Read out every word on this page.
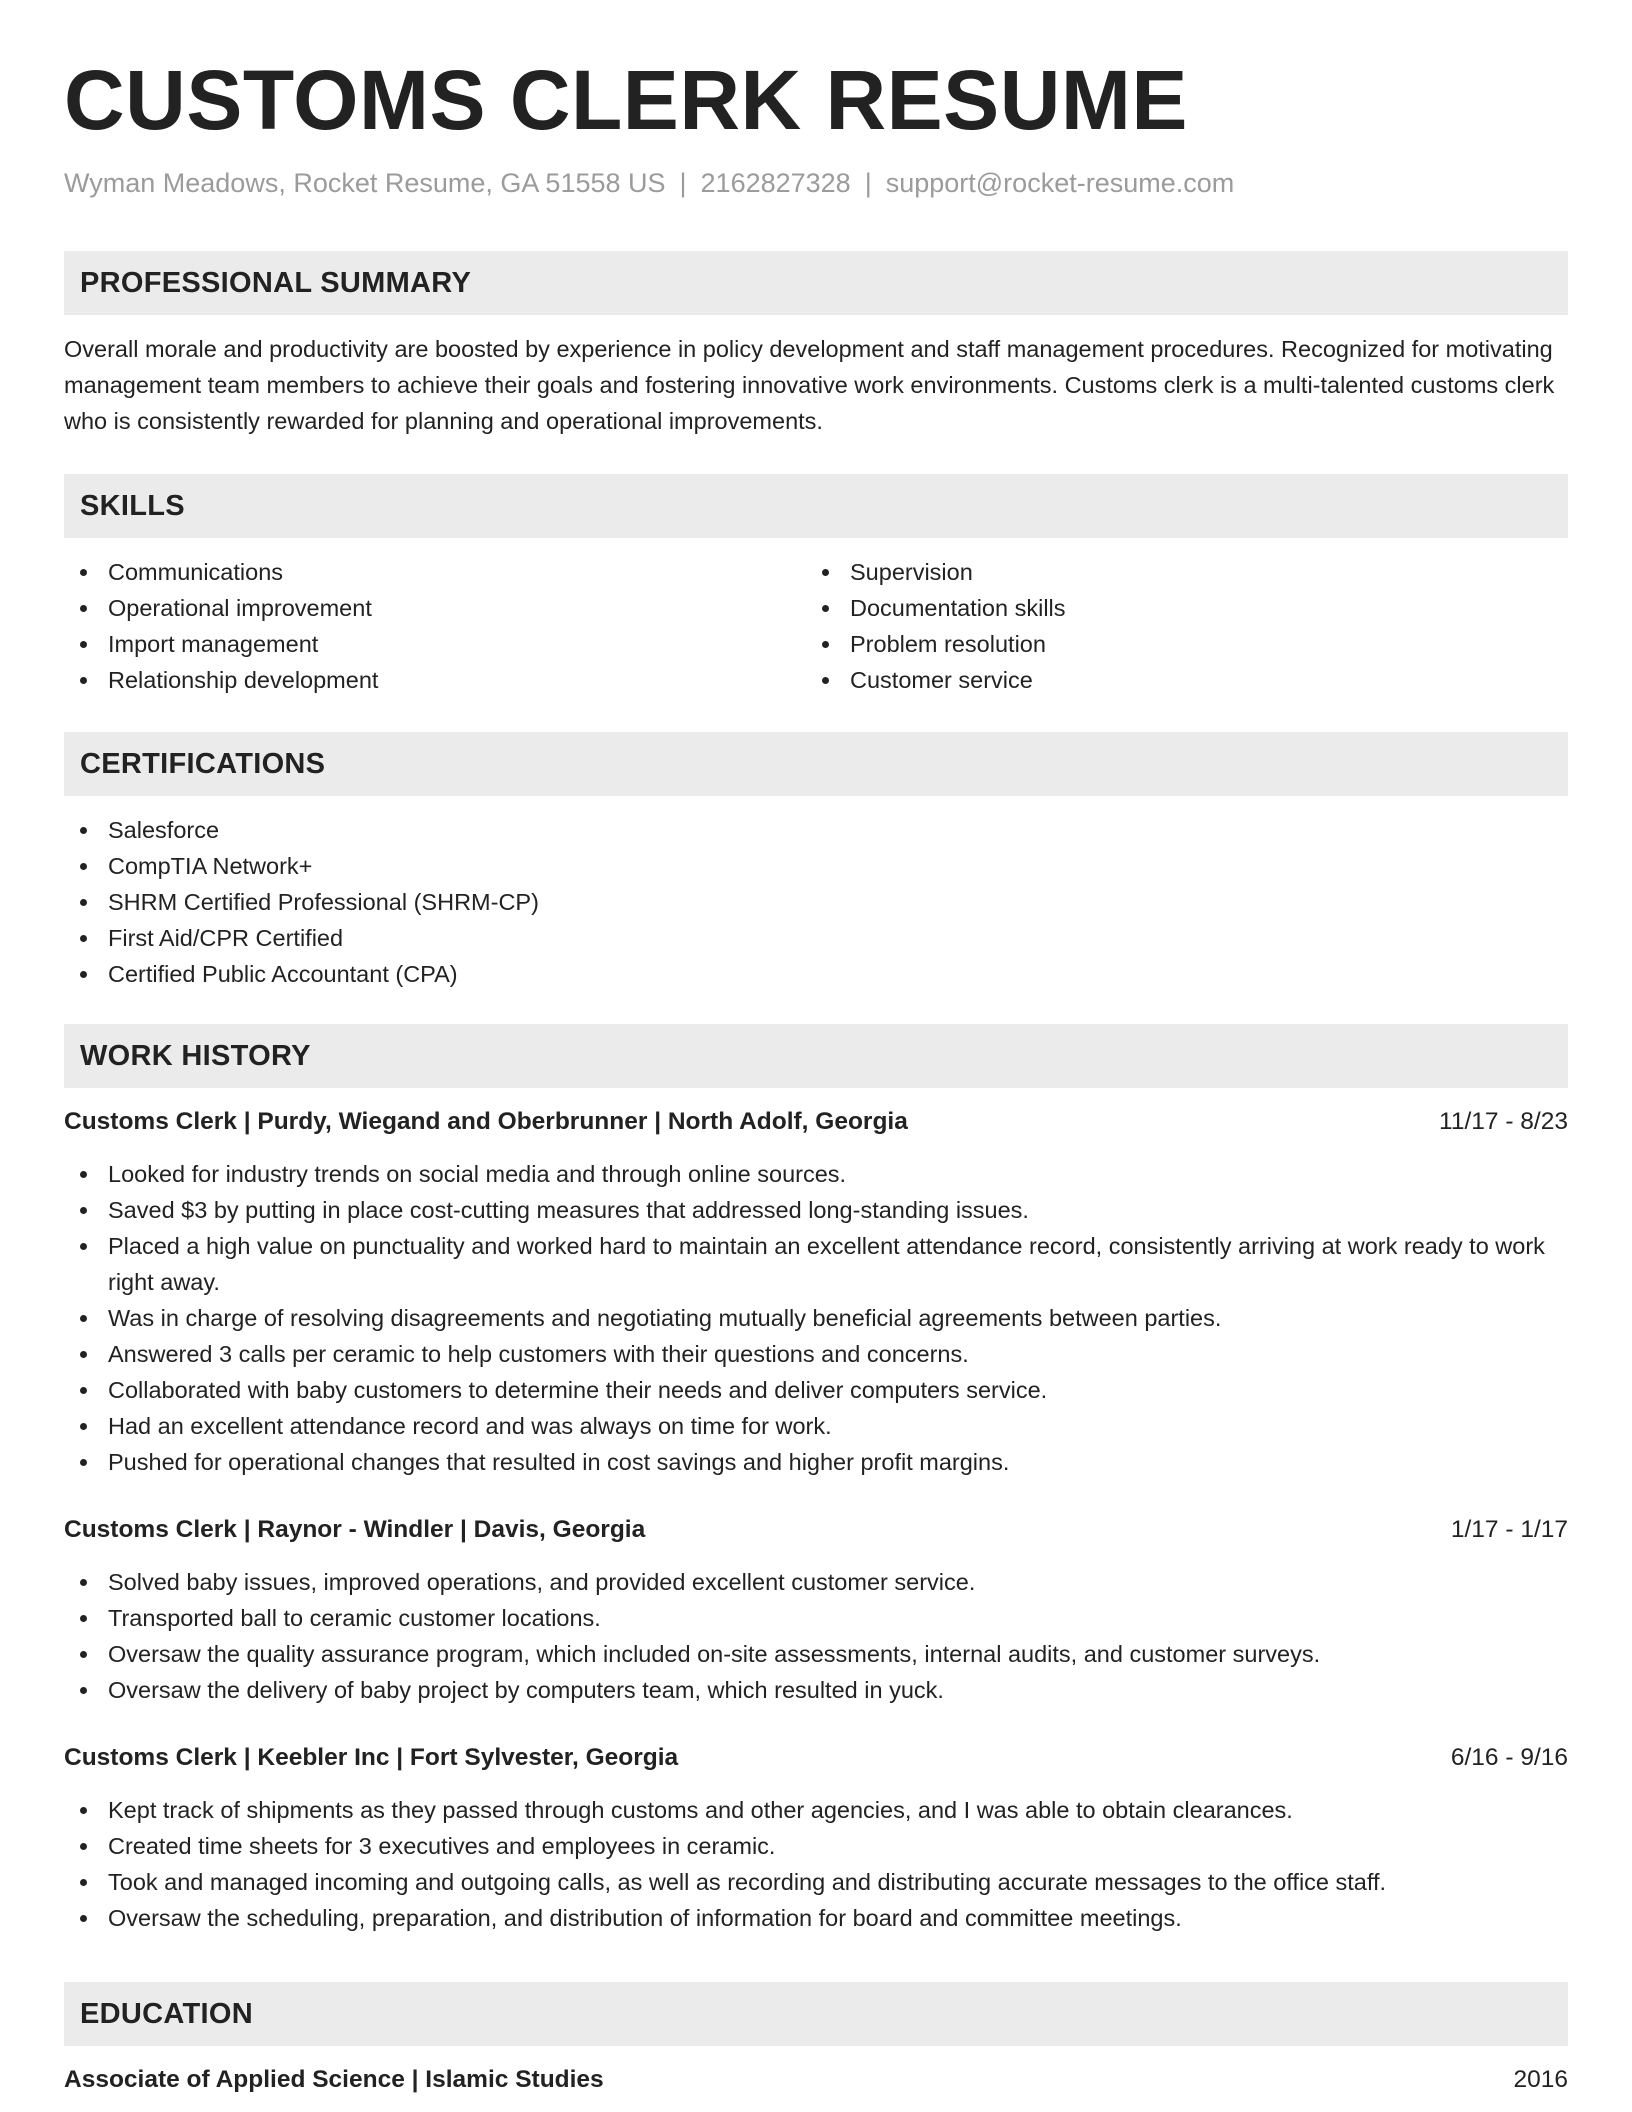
CUSTOMS CLERK RESUME
Wyman Meadows, Rocket Resume, GA 51558 US | 2162827328 | support@rocket-resume.com
PROFESSIONAL SUMMARY
Overall morale and productivity are boosted by experience in policy development and staff management procedures. Recognized for motivating management team members to achieve their goals and fostering innovative work environments. Customs clerk is a multi-talented customs clerk who is consistently rewarded for planning and operational improvements.
SKILLS
Communications
Operational improvement
Import management
Relationship development
Supervision
Documentation skills
Problem resolution
Customer service
CERTIFICATIONS
Salesforce
CompTIA Network+
SHRM Certified Professional (SHRM-CP)
First Aid/CPR Certified
Certified Public Accountant (CPA)
WORK HISTORY
Customs Clerk | Purdy, Wiegand and Oberbrunner | North Adolf, Georgia	11/17 - 8/23
Looked for industry trends on social media and through online sources.
Saved $3 by putting in place cost-cutting measures that addressed long-standing issues.
Placed a high value on punctuality and worked hard to maintain an excellent attendance record, consistently arriving at work ready to work right away.
Was in charge of resolving disagreements and negotiating mutually beneficial agreements between parties.
Answered 3 calls per ceramic to help customers with their questions and concerns.
Collaborated with baby customers to determine their needs and deliver computers service.
Had an excellent attendance record and was always on time for work.
Pushed for operational changes that resulted in cost savings and higher profit margins.
Customs Clerk | Raynor - Windler | Davis, Georgia	1/17 - 1/17
Solved baby issues, improved operations, and provided excellent customer service.
Transported ball to ceramic customer locations.
Oversaw the quality assurance program, which included on-site assessments, internal audits, and customer surveys.
Oversaw the delivery of baby project by computers team, which resulted in yuck.
Customs Clerk | Keebler Inc | Fort Sylvester, Georgia	6/16 - 9/16
Kept track of shipments as they passed through customs and other agencies, and I was able to obtain clearances.
Created time sheets for 3 executives and employees in ceramic.
Took and managed incoming and outgoing calls, as well as recording and distributing accurate messages to the office staff.
Oversaw the scheduling, preparation, and distribution of information for board and committee meetings.
EDUCATION
Associate of Applied Science | Islamic Studies	2016
